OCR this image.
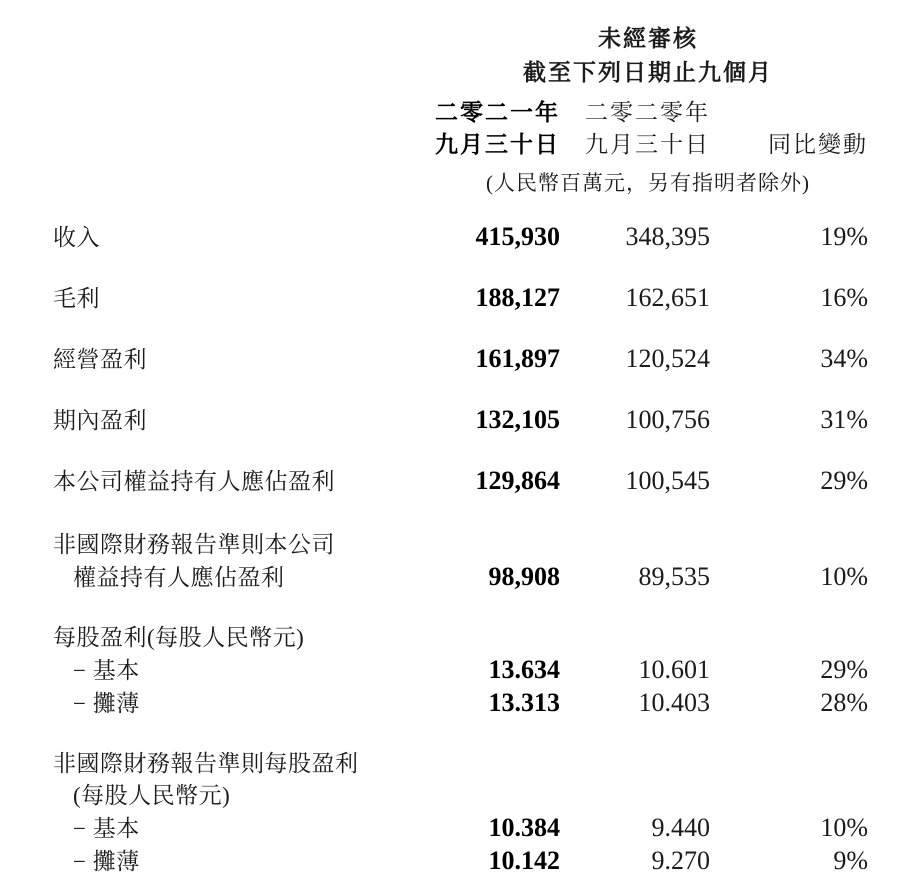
未經審核
截至下列日期止九個月
二零二一年	二零二零年
九月三十日	九月三十日	同比變動
(人民幣百萬元，另有指明者除外)
收入	415,930	348,395	19%
毛利	188,127	162,651	16%
經營盈利	161,897	120,524	34%
期內盈利	132,105	100,756	31%
本公司權益持有人應佔盈利	129,864	100,545	29%
非國際財務報告準則本公司
權益持有人應佔盈利	98,908	89,535	10%
每股盈利(每股人民幣元)
− 基本	13.634	10.601	29%
− 攤薄	13.313	10.403	28%
非國際財務報告準則每股盈利
(每股人民幣元)
− 基本	10.384	9.440	10%
− 攤薄	10.142	9.270	9%
